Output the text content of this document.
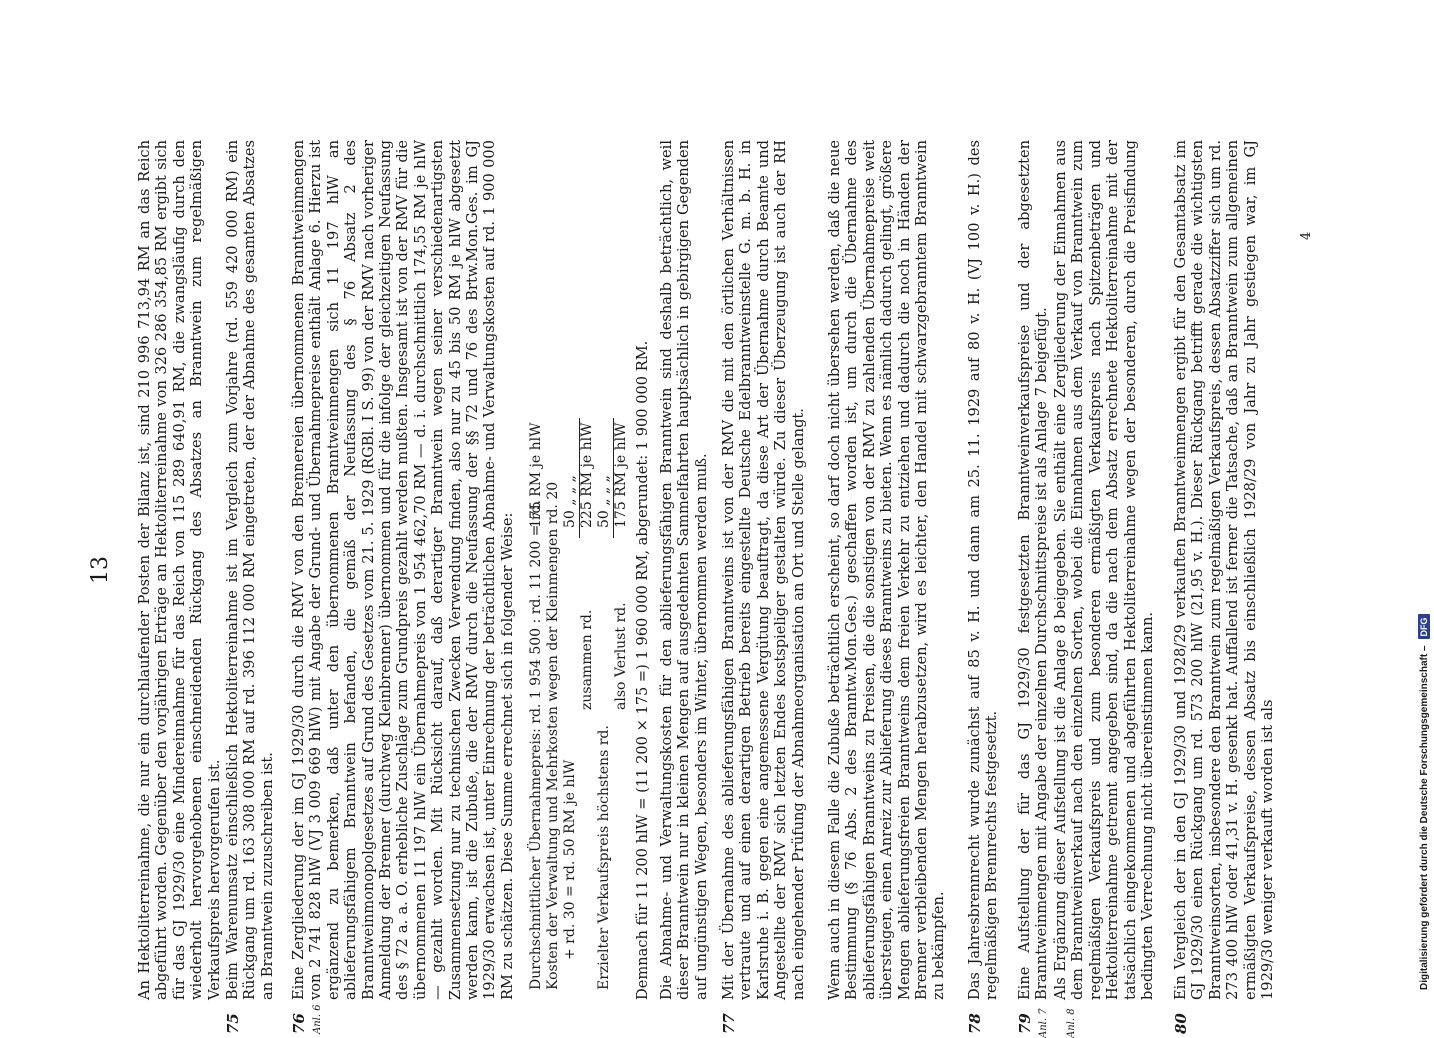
13 An Hektoliterreinahme, die nur ein durchlaufender Posten der Bilanz ist, sind 210 996 713,94 RM an das Reich abgeführt worden. Gegenüber den vorjährigen Erträge an Hektoliterreinahme von 326 286 354,85 RM ergibt sich für das GJ 1929/30 eine Mindereinnahme für das Reich von 115 289 640,91 RM, die zwangsläufig durch den wiederholt hervorgehobenen einschneidenden Rückgang des Absatzes an Branntwein zum regelmäßigen Verkaufspreis hervorgerufen ist.
75
Beim Warenumsatz einschließlich Hektoliterreinahme ist im Vergleich zum Vorjahre (rd. 559 420 000 RM) ein Rückgang um rd. 163 308 000 RM auf rd. 396 112 000 RM eingetreten, der der Abnahme des gesamten Absatzes an Branntwein zuzuschreiben ist.
76 Anl. 6
Eine Zergliederung der im GJ 1929/30 durch die RMV von den Brennereien übernommenen Branntweinmengen von 2 741 828 hlW (VJ 3 009 669 hlW) mit Angabe der Grund- und Übernahmepreise enthält Anlage 6. Hierzu ist ergänzend zu bemerken, daß unter den übernommenen Branntweinmengen sich 11 197 hlW an ablieferungsfähigem Branntwein befanden, die gemäß der Neufassung des § 76 Absatz 2 des Branntweinmonopolgesetzes auf Grund des Gesetzes vom 21. 5. 1929 (RGBl. I S. 99) von der RMV nach vorheriger Anmeldung der Brenner (durchweg Kleinbrenner) übernommen und für die infolge der gleichzeitigen Neufassung des § 72 a. a. O. erhebliche Zuschläge zum Grundpreis gezahlt werden mußten. Insgesamt ist von der RMV für die übernommenen 11 197 hlW ein Übernahmepreis von 1 954 462,70 RM — d. i. durchschnittlich 174,55 RM je hlW — gezahlt worden. Mit Rücksicht darauf, daß derartiger Branntwein wegen seiner verschiedenartigsten Zusammensetzung nur zu technischen Zwecken Verwendung finden, also nur zu 45 bis 50 RM je hlW abgesetzt werden kann, ist die Zubuße, die der RMV durch die Neufassung der §§ 72 und 76 des Brtw.Mon.Ges. im GJ 1929/30 erwachsen ist, unter Einrechnung der beträchtlichen Abnahme- und Verwaltungskosten auf rd. 1 900 000 RM zu schätzen. Diese Summe errechnet sich in folgender Weise: Durchschnittlicher Übernahmepreis: rd. 1 954 500 : rd. 11 200 = rd.
175 RM je hlW
Kosten der Verwaltung und Mehrkosten wegen der Kleinmengen rd. 20 + rd. 30 = rd. 50 RM je hlW
50 „ „ „
zusammen rd.
225 RM je hlW
Erzielter Verkaufspreis höchstens rd.
50 „ „ „
also Verlust rd.
175 RM je hlW Demnach für 11 200 hlW = (11 200 × 175 =) 1 960 000 RM, abgerundet: 1 900 000 RM. Die Abnahme- und Verwaltungskosten für den ablieferungsfähigen Branntwein sind deshalb beträchtlich, weil dieser Branntwein nur in kleinen Mengen auf ausgedehnten Sammelfahrten hauptsächlich in gebirgigen Gegenden auf ungünstigen Wegen, besonders im Winter, übernommen werden muß.
77
Mit der Übernahme des ablieferungsfähigen Branntweins ist von der RMV die mit den örtlichen Verhältnissen vertraute und auf einen derartigen Betrieb bereits eingestellte Deutsche Edelbranntweinstelle G. m. b. H. in Karlsruhe i. B. gegen eine angemessene Vergütung beauftragt, da diese Art der Übernahme durch Beamte und Angestellte der RMV sich letzten Endes kostspieliger gestalten würde. Zu dieser Überzeugung ist auch der RH nach eingehender Prüfung der Abnahmeorganisation an Ort und Stelle gelangt. Wenn auch in diesem Falle die Zubuße beträchtlich erscheint, so darf doch nicht übersehen werden, daß die neue Bestimmung (§ 76 Abs. 2 des Branntw.Mon.Ges.) geschaffen worden ist, um durch die Übernahme des ablieferungsfähigen Branntweins zu Preisen, die die sonstigen von der RMV zu zahlenden Übernahmepreise weit übersteigen, einen Anreiz zur Ablieferung dieses Branntweins zu bieten. Wenn es nämlich dadurch gelingt, größere Mengen ablieferungsfreien Branntweins dem freien Verkehr zu entziehen und dadurch die noch in Händen der Brenner verbleibenden Mengen herabzusetzen, wird es leichter, den Handel mit schwarzgebranntem Branntwein zu bekämpfen.
78
Das Jahresbrennrecht wurde zunächst auf 85 v. H. und dann am 25. 11. 1929 auf 80 v. H. (VJ 100 v. H.) des regelmäßigen Brennrechts festgesetzt.
79 Anl. 7 Anl. 8
Eine Aufstellung der für das GJ 1929/30 festgesetzten Branntweinverkaufspreise und der abgesetzten Branntweinmengen mit Angabe der einzelnen Durchschnittspreise ist als Anlage 7 beigefügt. Als Ergänzung dieser Aufstellung ist die Anlage 8 beigegeben. Sie enthält eine Zergliederung der Einnahmen aus dem Branntweinverkauf nach den einzelnen Sorten, wobei die Einnahmen aus dem Verkauf von Branntwein zum regelmäßigen Verkaufspreis und zum besonderen ermäßigten Verkaufspreis nach Spitzenbeträgen und Hektoliterreinahme getrennt angegeben sind, da die nach dem Absatz errechnete Hektoliterreinahme mit der tatsächlich eingekommenen und abgeführten Hektoliterreinahme wegen der besonderen, durch die Preisfindung bedingten Verrechnung nicht übereinstimmen kann.
80
Ein Vergleich der in den GJ 1929/30 und 1928/29 verkauften Branntweinmengen ergibt für den Gesamtabsatz im GJ 1929/30 einen Rückgang um rd. 573 200 hlW (21,95 v. H.). Dieser Rückgang betrifft gerade die wichtigsten Branntweinsorten, insbesondere den Branntwein zum regelmäßigen Verkaufspreis, dessen Absatzziffer sich um rd. 273 400 hlW oder 41,31 v. H. gesenkt hat. Auffallend ist ferner die Tatsache, daß an Branntwein zum allgemeinen ermäßigten Verkaufspreise, dessen Absatz bis einschließlich 1928/29 von Jahr zu Jahr gestiegen war, im GJ 1929/30 weniger verkauft worden ist als
4
Digitalisierung gefördert durch die Deutsche Forschungsgemeinschaft –
DFG
